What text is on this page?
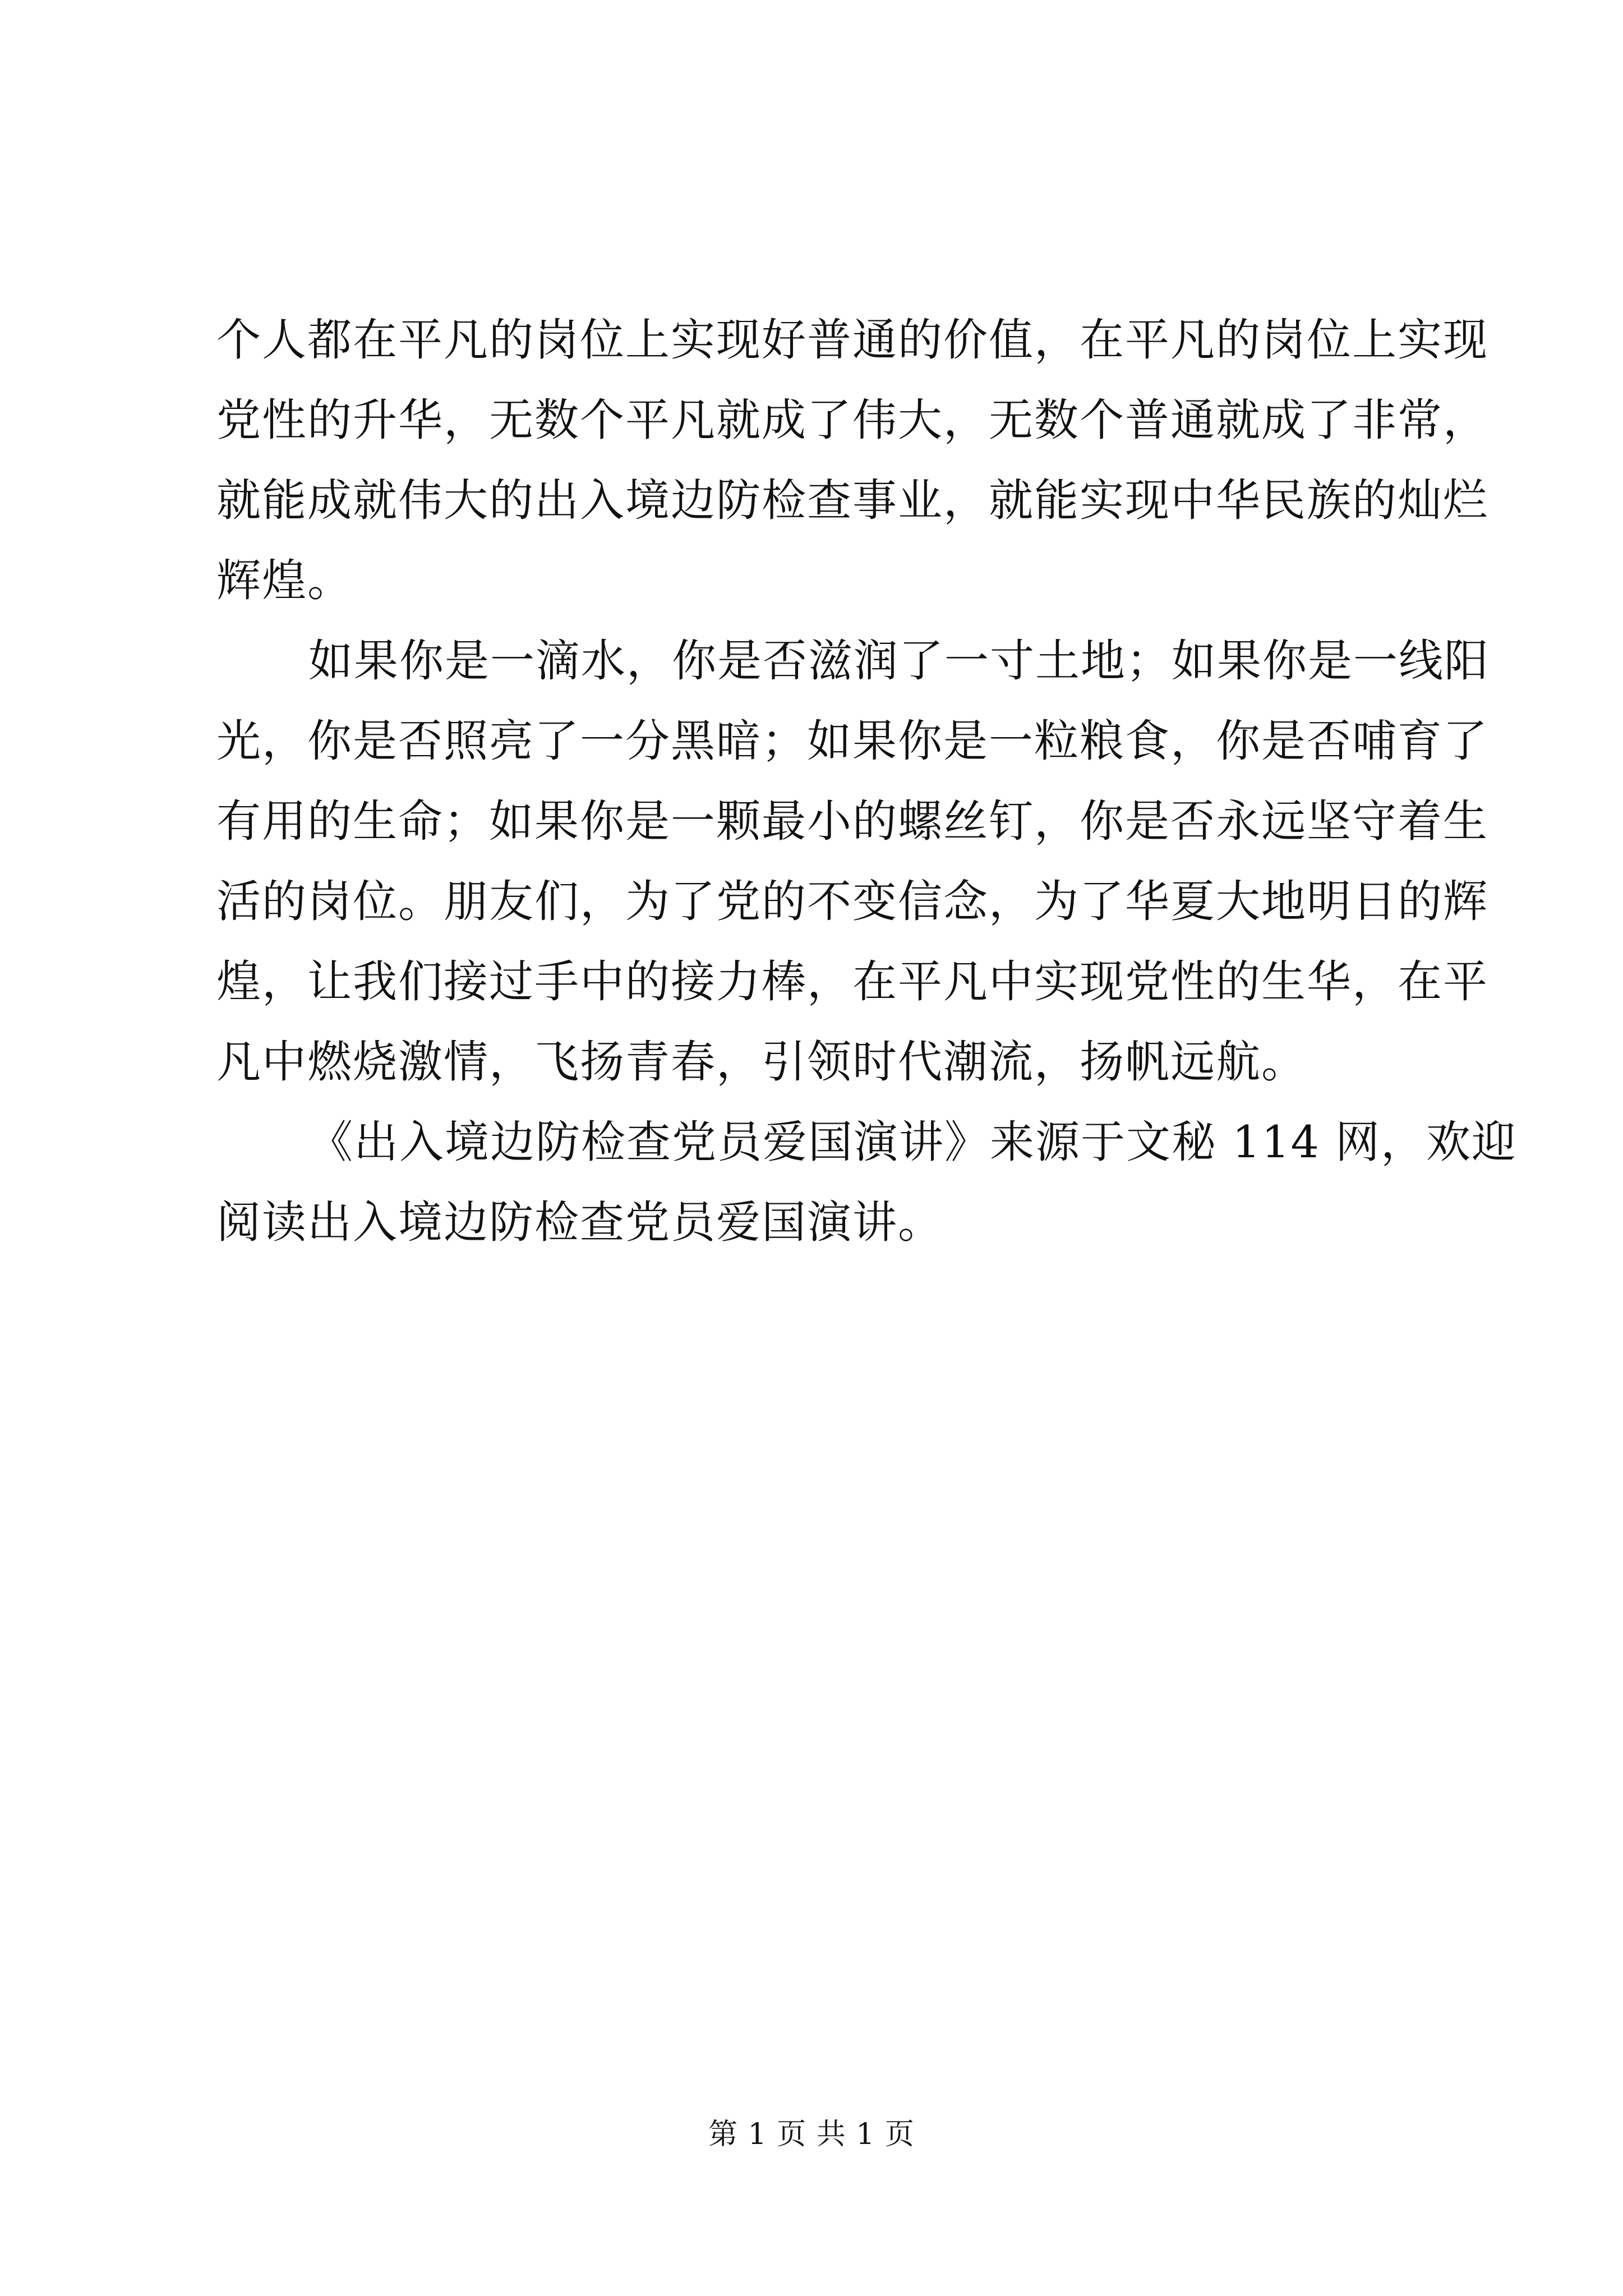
个人都在平凡的岗位上实现好普通的价值，在平凡的岗位上实现
党性的升华，无数个平凡就成了伟大，无数个普通就成了非常，
就能成就伟大的出入境边防检查事业，就能实现中华民族的灿烂
辉煌。
如果你是一滴水，你是否滋润了一寸土地；如果你是一线阳
光，你是否照亮了一分黑暗；如果你是一粒粮食，你是否哺育了
有用的生命；如果你是一颗最小的螺丝钉，你是否永远坚守着生
活的岗位。朋友们，为了党的不变信念，为了华夏大地明日的辉
煌，让我们接过手中的接力棒，在平凡中实现党性的生华，在平
凡中燃烧激情，飞扬青春，引领时代潮流，扬帆远航。
《出入境边防检查党员爱国演讲》来源于文秘 114 网，欢迎
阅读出入境边防检查党员爱国演讲。
第 1 页 共 1 页
